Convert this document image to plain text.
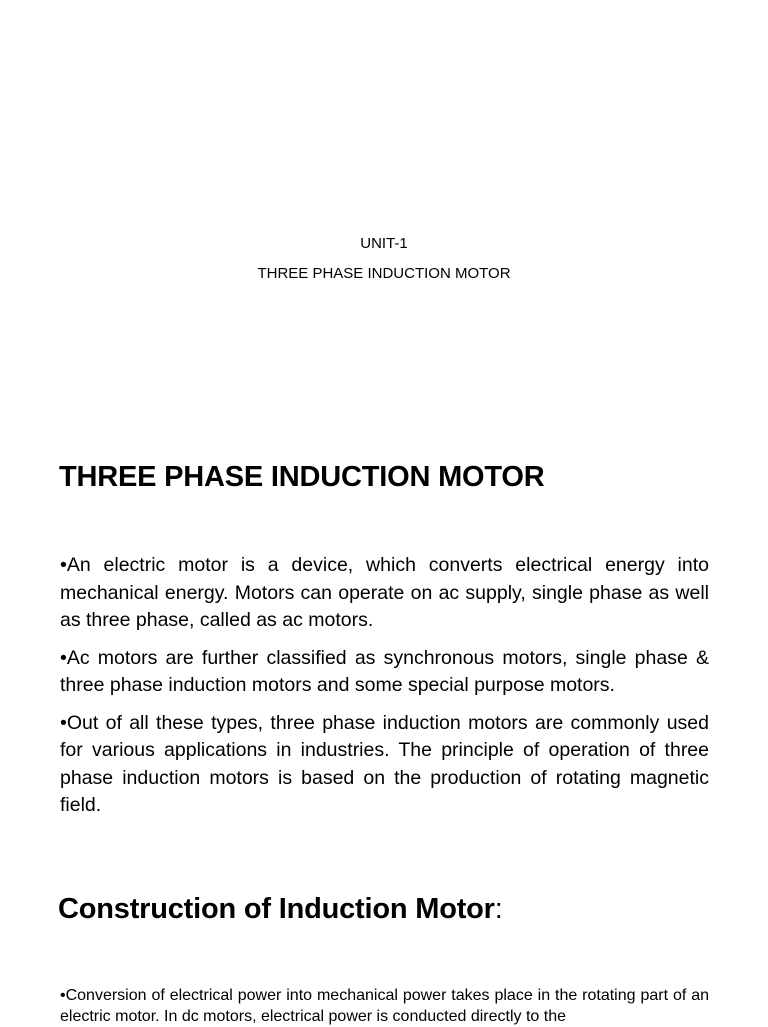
UNIT-1
THREE PHASE INDUCTION MOTOR
THREE PHASE INDUCTION MOTOR

•An electric motor is a device, which converts electrical energy into mechanical energy. Motors can operate on ac supply, single phase as well as three phase, called as ac motors.

•Ac motors are further classified as synchronous motors, single phase & three phase induction motors and some special purpose motors.

•Out of all these types, three phase induction motors are commonly used for various applications in industries. The principle of operation of three phase induction motors is based on the production of rotating magnetic field.

Construction of Induction Motor:

•Conversion of electrical power into mechanical power takes place in the rotating part of an electric motor. In dc motors, electrical power is conducted directly to the
